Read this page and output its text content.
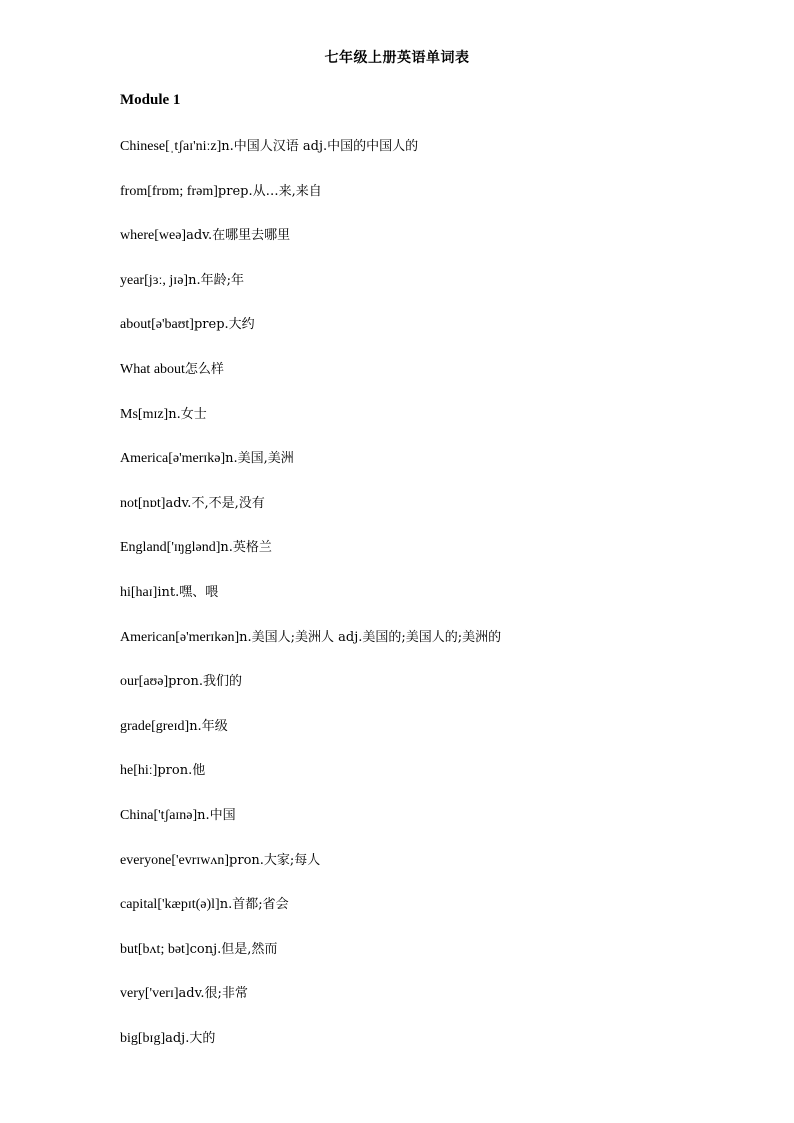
七年级上册英语单词表
Module 1
Chinese[ˌtʃaɪ'niːz]n.中国人汉语 adj.中国的中国人的
from[frɒm; frəm]prep.从…来,来自
where[weə]adv.在哪里去哪里
year[jɜː, jɪə]n.年龄;年
about[ə'baʊt]prep.大约
What about怎么样
Ms[mɪz]n.女士
America[ə'merɪkə]n.美国,美洲
not[nɒt]adv.不,不是,没有
England['ɪŋglənd]n.英格兰
hi[haɪ]int.嘿、喂
American[ə'merɪkən]n.美国人;美洲人 adj.美国的;美国人的;美洲的
our[aʊə]pron.我们的
grade[greɪd]n.年级
he[hiː]pron.他
China['tʃaɪnə]n.中国
everyone['evrɪwʌn]pron.大家;每人
capital['kæpɪt(ə)l]n.首都;省会
but[bʌt; bət]conj.但是,然而
very['verɪ]adv.很;非常
big[bɪg]adj.大的
